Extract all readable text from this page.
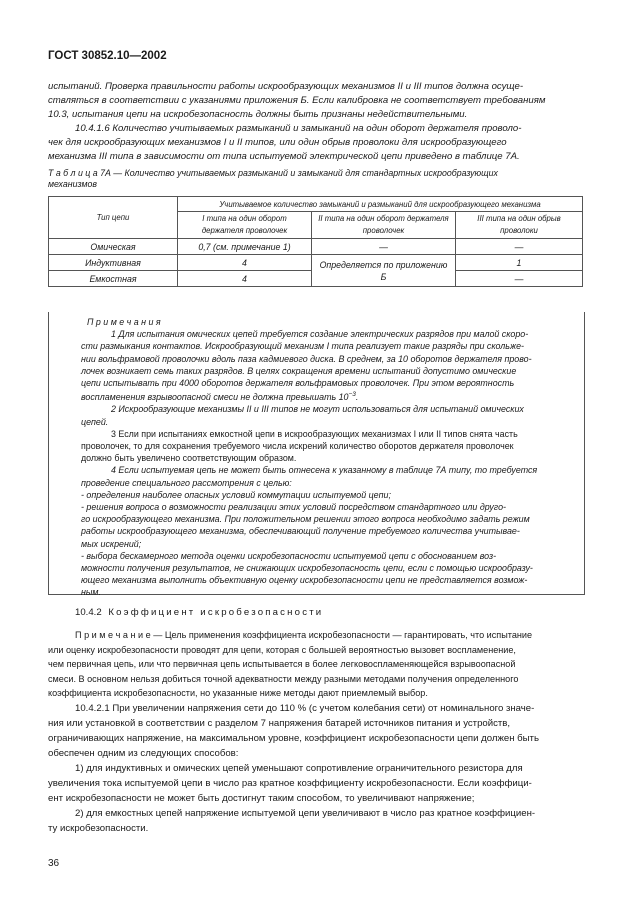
ГОСТ 30852.10—2002
испытаний. Проверка правильности работы искрообразующих механизмов II и III типов должна осуще-
ствляться в соответствии с указаниями приложения Б. Если калибровка не соответствует требованиям
10.3, испытания цепи на искробезопасность должны быть признаны недействительными.
10.4.1.6 Количество учитываемых размыканий и замыканий на один оборот держателя проволо-
чек для искрообразующих механизмов I и II типов, или один обрыв проволоки для искрообразующего
механизма III типа в зависимости от типа испытуемой электрической цепи приведено в таблице 7А.
Т а б л и ц а 7А — Количество учитываемых размыканий и замыканий для стандартных искрообразующих
механизмов
Тип цепи	Учитываемое количество замыканий и размыканий для искрообразующего механизма		
	I типа на один оборот держателя проволочек	II типа на один оборот держателя проволочек	III типа на один обрыв проволоки
Омическая	0,7 (см. примечание 1)	—	—
Индуктивная	4	Определяется по приложению Б	1
Емкостная	4		—

П р и м е ч а н и я

1 Для испытания омических цепей требуется создание электрических разрядов при малой скоро-

сти размыкания контактов. Искрообразующий механизм I типа реализует такие разряды при скольже-

нии вольфрамовой проволочки вдоль паза кадмиевого диска. В среднем, за 10 оборотов держателя прово-

лочек возникает семь таких разрядов. В целях сокращения времени испытаний допустимо омические

цепи испытывать при 4000 оборотов держателя вольфрамовых проволочек. При этом вероятность

воспламенения взрывоопасной смеси не должна превышать $10^{-3}$.

2 Искрообразующие механизмы II и III типов не могут использоваться для испытаний омических

цепей.

3 Если при испытаниях емкостной цепи в искрообразующих механизмах I или II типов снята часть

проволочек, то для сохранения требуемого числа искрений количество оборотов держателя проволочек

должно быть увеличено соответствующим образом.

4 Если испытуемая цепь не может быть отнесена к указанному в таблице 7А типу, то требуется

проведение специального рассмотрения с целью:

- определения наиболее опасных условий коммутации испытуемой цепи;

- решения вопроса о возможности реализации этих условий посредством стандартного или друго-

го искрообразующего механизма. При положительном решении этого вопроса необходимо задать режим

работы искрообразующего механизма, обеспечивающий получение требуемого количества учитывае-

мых искрений;

- выбора бескамерного метода оценки искробезопасности испытуемой цепи с обоснованием воз-

можности получения результатов, не снижающих искробезопасность цепи, если с помощью искрообразу-

ющего механизма выполнить объективную оценку искробезопасности цепи не представляется возмож-

ным.

10.4.2 Коэффициент искробезопасности
П р и м е ч а н и е — Цель применения коэффициента искробезопасности — гарантировать, что испытание
или оценку искробезопасности проводят для цепи, которая с большей вероятностью вызовет воспламенение,
чем первичная цепь, или что первичная цепь испытывается в более легковоспламеняющейся взрывоопасной
смеси. В основном нельзя добиться точной адекватности между разными методами получения определенного
коэффициента искробезопасности, но указанные ниже методы дают приемлемый выбор.
10.4.2.1 При увеличении напряжения сети до 110 % (с учетом колебания сети) от номинального значе-
ния или установкой в соответствии с разделом 7 напряжения батарей источников питания и устройств,
ограничивающих напряжение, на максимальном уровне, коэффициент искробезопасности цепи должен быть
обеспечен одним из следующих способов:
1) для индуктивных и омических цепей уменьшают сопротивление ограничительного резистора для
увеличения тока испытуемой цепи в число раз кратное коэффициенту искробезопасности. Если коэффици-
ент искробезопасности не может быть достигнут таким способом, то увеличивают напряжение;
2) для емкостных цепей напряжение испытуемой цепи увеличивают в число раз кратное коэффициен-
ту искробезопасности.
36
